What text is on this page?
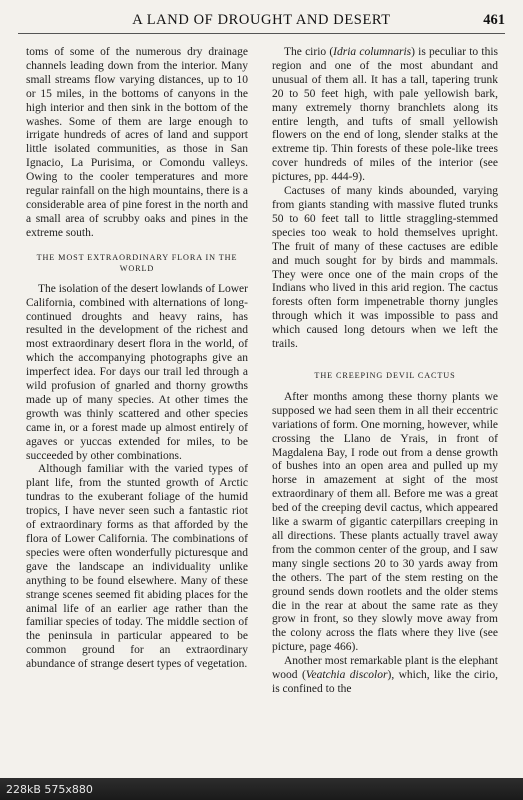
A LAND OF DROUGHT AND DESERT	461

toms of some of the numerous dry drainage channels leading down from the interior. Many small streams flow varying distances, up to 10 or 15 miles, in the bottoms of canyons in the high interior and then sink in the bottom of the washes. Some of them are large enough to irrigate hundreds of acres of land and support little isolated communities, as those in San Ignacio, La Purisima, or Comondu valleys. Owing to the cooler temperatures and more regular rainfall on the high mountains, there is a considerable area of pine forest in the north and a small area of scrubby oaks and pines in the extreme south.

THE MOST EXTRAORDINARY FLORA IN THE WORLD

The isolation of the desert lowlands of Lower California, combined with alternations of long-continued droughts and heavy rains, has resulted in the development of the richest and most extraordinary desert flora in the world, of which the accompanying photographs give an imperfect idea. For days our trail led through a wild profusion of gnarled and thorny growths made up of many species. At other times the growth was thinly scattered and other species came in, or a forest made up almost entirely of agaves or yuccas extended for miles, to be succeeded by other combinations.

Although familiar with the varied types of plant life, from the stunted growth of Arctic tundras to the exuberant foliage of the humid tropics, I have never seen such a fantastic riot of extraordinary forms as that afforded by the flora of Lower California. The combinations of species were often wonderfully picturesque and gave the landscape an individuality unlike anything to be found elsewhere. Many of these strange scenes seemed fit abiding places for the animal life of an earlier age rather than the familiar species of today. The middle section of the peninsula in particular appeared to be common ground for an extraordinary abundance of strange desert types of vegetation.

The cirio (Idria columnaris) is peculiar to this region and one of the most abundant and unusual of them all. It has a tall, tapering trunk 20 to 50 feet high, with pale yellowish bark, many extremely thorny branchlets along its entire length, and tufts of small yellowish flowers on the end of long, slender stalks at the extreme tip. Thin forests of these pole-like trees cover hundreds of miles of the interior (see pictures, pp. 444-9).

Cactuses of many kinds abounded, varying from giants standing with massive fluted trunks 50 to 60 feet tall to little straggling-stemmed species too weak to hold themselves upright. The fruit of many of these cactuses are edible and much sought for by birds and mammals. They were once one of the main crops of the Indians who lived in this arid region. The cactus forests often form impenetrable thorny jungles through which it was impossible to pass and which caused long detours when we left the trails.

THE CREEPING DEVIL CACTUS

After months among these thorny plants we supposed we had seen them in all their eccentric variations of form. One morning, however, while crossing the Llano de Yrais, in front of Magdalena Bay, I rode out from a dense growth of bushes into an open area and pulled up my horse in amazement at sight of the most extraordinary of them all. Before me was a great bed of the creeping devil cactus, which appeared like a swarm of gigantic caterpillars creeping in all directions. These plants actually travel away from the common center of the group, and I saw many single sections 20 to 30 yards away from the others. The part of the stem resting on the ground sends down rootlets and the older stems die in the rear at about the same rate as they grow in front, so they slowly move away from the colony across the flats where they live (see picture, page 466).

Another most remarkable plant is the elephant wood (Veatchia discolor), which, like the cirio, is confined to the

228kB 575x880
